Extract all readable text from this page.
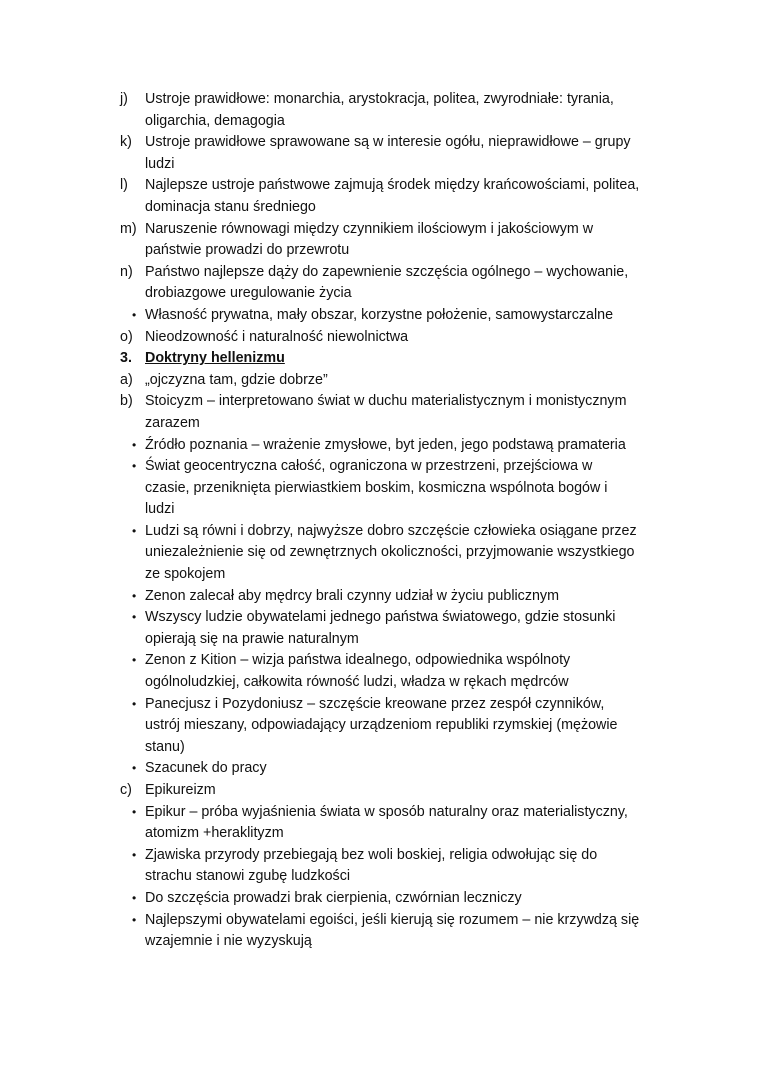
j) Ustroje prawidłowe: monarchia, arystokracja, politea, zwyrodniałe: tyrania, oligarchia, demagogia
k) Ustroje prawidłowe sprawowane są w interesie ogółu, nieprawidłowe – grupy ludzi
l) Najlepsze ustroje państwowe zajmują środek między krańcowościami, politea, dominacja stanu średniego
m) Naruszenie równowagi między czynnikiem ilościowym i jakościowym w państwie prowadzi do przewrotu
n) Państwo najlepsze dąży do zapewnienie szczęścia ogólnego – wychowanie, drobiazgowe uregulowanie życia
• Własność prywatna, mały obszar, korzystne położenie, samowystarczalne
o) Nieodzowność i naturalność niewolnictwa
3. Doktryny hellenizmu
a) „ojczyzna tam, gdzie dobrze”
b) Stoicyzm – interpretowano świat w duchu materialistycznym i monistycznym zarazem
• Źródło poznania – wrażenie zmysłowe, byt jeden, jego podstawą pramateria
• Świat geocentryczna całość, ograniczona w przestrzeni, przejściowa w czasie, przeniknięta pierwiastkiem boskim, kosmiczna wspólnota bogów i ludzi
• Ludzi są równi i dobrzy, najwyższe dobro szczęście człowieka osiągane przez uniezależnienie się od zewnętrznych okoliczności, przyjmowanie wszystkiego ze spokojem
• Zenon zalecał aby mędrcy brali czynny udział w życiu publicznym
• Wszyscy ludzie obywatelami jednego państwa światowego, gdzie stosunki opierają się na prawie naturalnym
• Zenon z Kition – wizja państwa idealnego, odpowiednika wspólnoty ogólnoludzkiej, całkowita równość ludzi, władza w rękach mędrców
• Panecjusz i Pozydoniusz – szczęście kreowane przez zespół czynników, ustrój mieszany, odpowiadający urządzeniom republiki rzymskiej (mężowie stanu)
• Szacunek do pracy
c) Epikureizm
• Epikur – próba wyjaśnienia świata w sposób naturalny oraz materialistyczny, atomizm +heraklityzm
• Zjawiska przyrody przebiegają bez woli boskiej, religia odwołując się do strachu stanowi zgubę ludzkości
• Do szczęścia prowadzi brak cierpienia, czwórnian leczniczy
• Najlepszymi obywatelami egoiści, jeśli kierują się rozumem – nie krzywdzą się wzajemnie i nie wyzyskują
